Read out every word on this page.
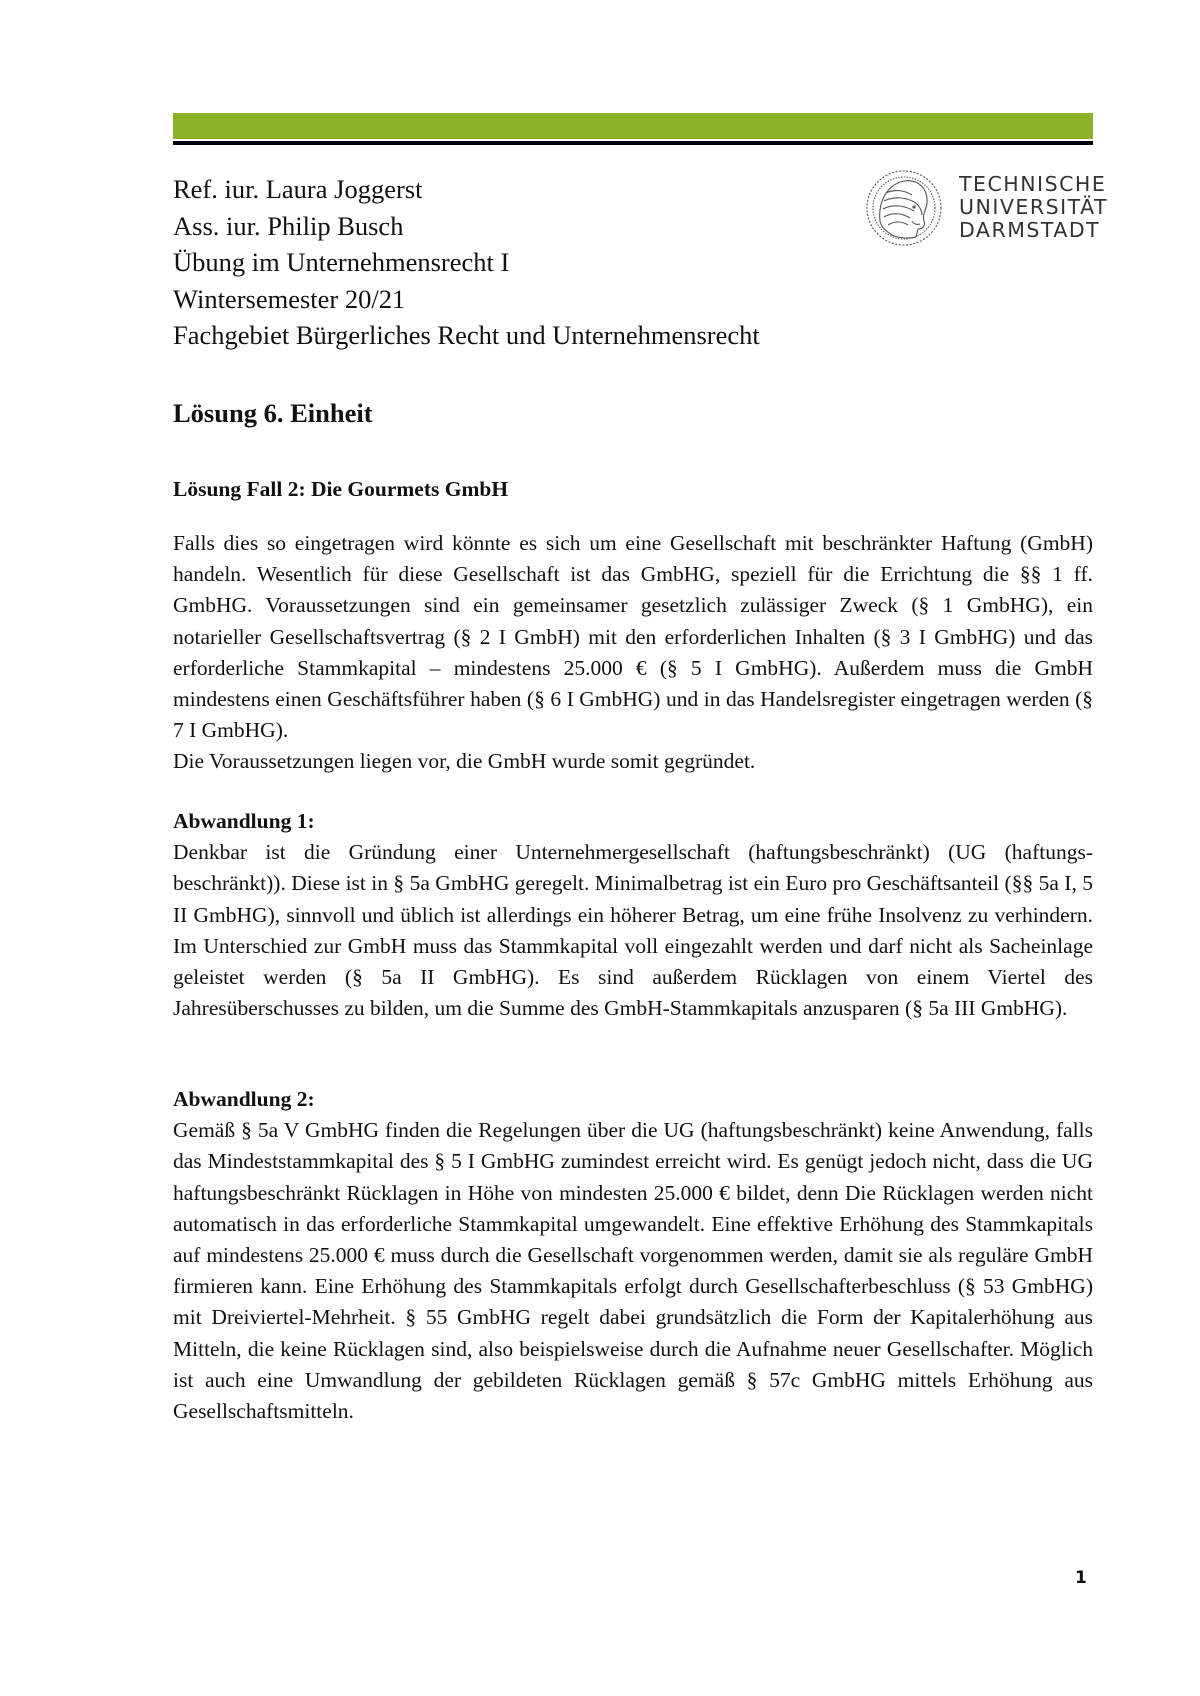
Ref. iur. Laura Joggerst
Ass. iur. Philip Busch
Übung im Unternehmensrecht I
Wintersemester 20/21
Fachgebiet Bürgerliches Recht und Unternehmensrecht
TECHNISCHE
UNIVERSITÄT
DARMSTADT
Lösung 6. Einheit
Lösung Fall 2: Die Gourmets GmbH

Falls dies so eingetragen wird könnte es sich um eine Gesellschaft mit beschränkter Haftung (GmbH) handeln. Wesentlich für diese Gesellschaft ist das GmbHG, speziell für die Errichtung die §§ 1 ff. GmbHG. Voraussetzungen sind ein gemeinsamer gesetzlich zulässiger Zweck (§ 1 GmbHG), ein notarieller Gesellschaftsvertrag (§ 2 I GmbH) mit den erforderlichen Inhalten (§ 3 I GmbHG) und das erforderliche Stammkapital – mindestens 25.000 € (§ 5 I GmbHG). Außerdem muss die GmbH mindestens einen Geschäftsführer haben (§ 6 I GmbHG) und in das Handelsregister eingetragen werden (§ 7 I GmbHG).

Die Voraussetzungen liegen vor, die GmbH wurde somit gegründet.

Abwandlung 1:

Denkbar ist die Gründung einer Unternehmergesellschaft (haftungsbeschränkt) (UG (haftungsbeschränkt)). Diese ist in § 5a GmbHG geregelt. Minimalbetrag ist ein Euro pro Geschäftsanteil (§§ 5a I, 5 II GmbHG), sinnvoll und üblich ist allerdings ein höherer Betrag, um eine frühe Insolvenz zu verhindern. Im Unterschied zur GmbH muss das Stammkapital voll eingezahlt werden und darf nicht als Sacheinlage geleistet werden (§ 5a II GmbHG). Es sind außerdem Rücklagen von einem Viertel des Jahresüberschusses zu bilden, um die Summe des GmbH-Stammkapitals anzusparen (§ 5a III GmbHG).

Abwandlung 2:

Gemäß § 5a V GmbHG finden die Regelungen über die UG (haftungsbeschränkt) keine Anwendung, falls das Mindeststammkapital des § 5 I GmbHG zumindest erreicht wird. Es genügt jedoch nicht, dass die UG haftungsbeschränkt Rücklagen in Höhe von mindesten 25.000 € bildet, denn Die Rücklagen werden nicht automatisch in das erforderliche Stammkapital umgewandelt. Eine effektive Erhöhung des Stammkapitals auf mindestens 25.000 € muss durch die Gesellschaft vorgenommen werden, damit sie als reguläre GmbH firmieren kann. Eine Erhöhung des Stammkapitals erfolgt durch Gesellschafterbeschluss (§ 53 GmbHG) mit Dreiviertel-Mehrheit. § 55 GmbHG regelt dabei grundsätzlich die Form der Kapitalerhöhung aus Mitteln, die keine Rücklagen sind, also beispielsweise durch die Aufnahme neuer Gesellschafter. Möglich ist auch eine Umwandlung der gebildeten Rücklagen gemäß § 57c GmbHG mittels Erhöhung aus Gesellschaftsmitteln.

1
